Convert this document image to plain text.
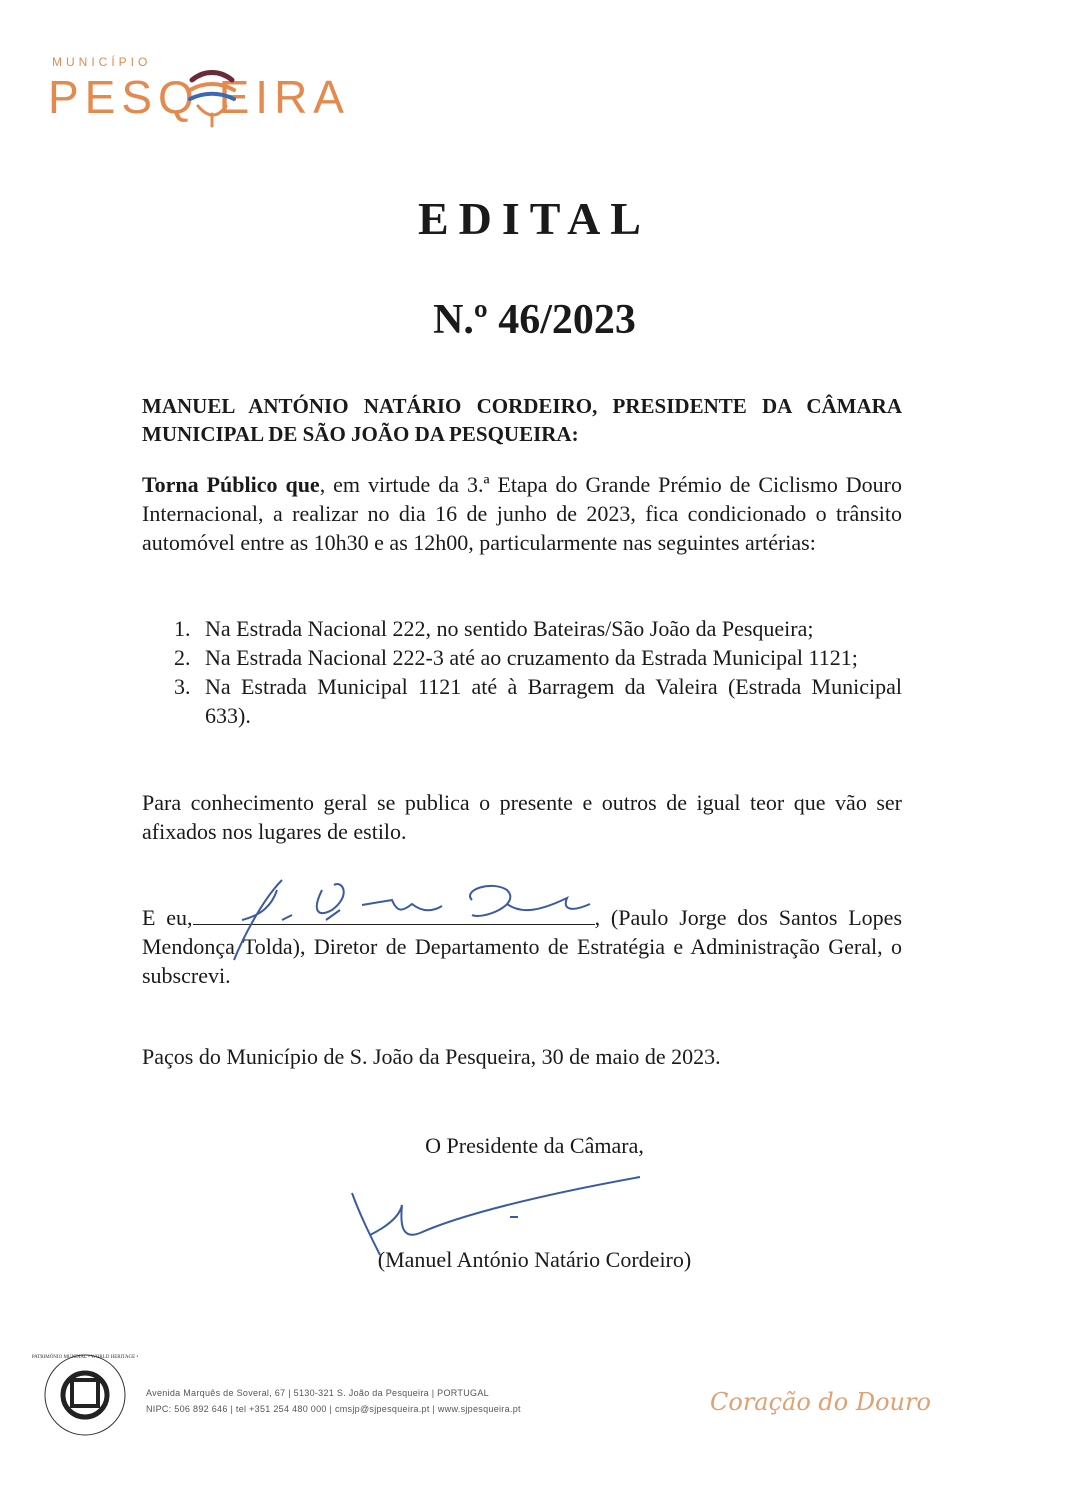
MUNICÍPIO
PESQ EIRA
EDITAL
N.º 46/2023
MANUEL ANTÓNIO NATÁRIO CORDEIRO, PRESIDENTE DA CÂMARA MUNICIPAL DE SÃO JOÃO DA PESQUEIRA:
Torna Público que, em virtude da 3.ª Etapa do Grande Prémio de Ciclismo Douro Internacional, a realizar no dia 16 de junho de 2023, fica condicionado o trânsito automóvel entre as 10h30 e as 12h00, particularmente nas seguintes artérias:
1. Na Estrada Nacional 222, no sentido Bateiras/São João da Pesqueira;
2. Na Estrada Nacional 222-3 até ao cruzamento da Estrada Municipal 1121;
3. Na Estrada Municipal 1121 até à Barragem da Valeira (Estrada Municipal 633).
Para conhecimento geral se publica o presente e outros de igual teor que vão ser afixados nos lugares de estilo.
E eu,	, (Paulo Jorge dos Santos Lopes Mendonça Tolda), Diretor de Departamento de Estratégia e Administração Geral, o subscrevi.
Paços do Município de S. João da Pesqueira, 30 de maio de 2023.
O Presidente da Câmara,
(Manuel António Natário Cordeiro)
PATRIMÓNIO MUNDIAL • WORLD HERITAGE •
Avenida Marquês de Soveral, 67 | 5130-321 S. João da Pesqueira | PORTUGAL
NIPC: 506 892 646 | tel +351 254 480 000 | cmsjp@sjpesqueira.pt | www.sjpesqueira.pt	Coração do Douro
